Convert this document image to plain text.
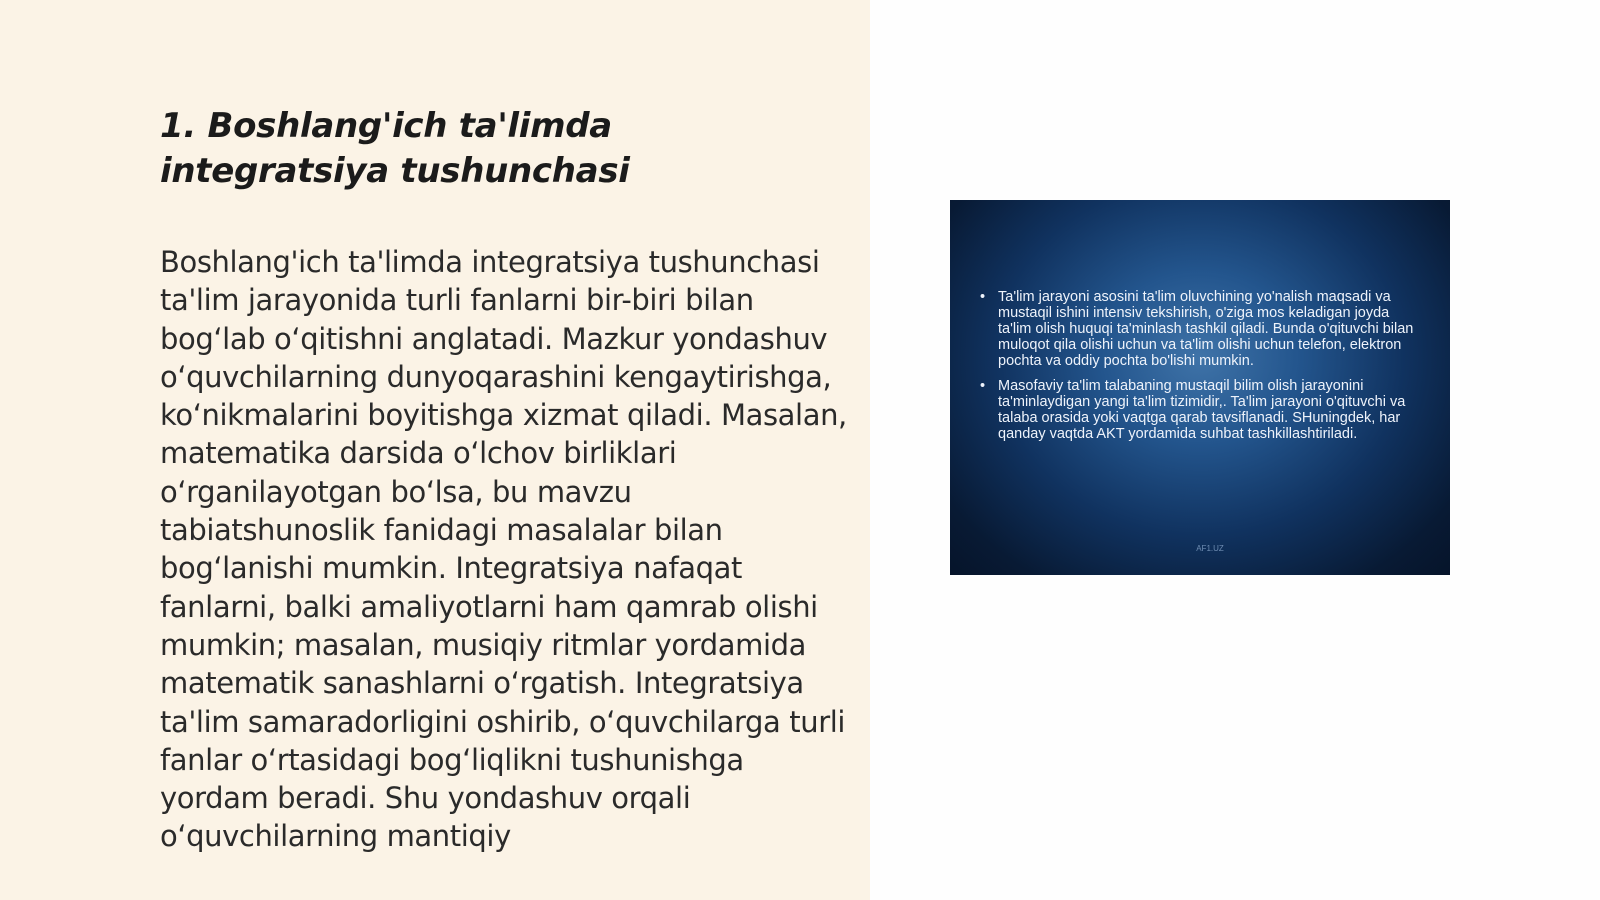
1. Boshlang'ich ta'limda integratsiya tushunchasi

Boshlang'ich ta'limda integratsiya tushunchasi ta'lim jarayonida turli fanlarni bir-biri bilan bog‘lab o‘qitishni anglatadi. Mazkur yondashuv o‘quvchilarning dunyoqarashini kengaytirishga, ko‘nikmalarini boyitishga xizmat qiladi. Masalan, matematika darsida o‘lchov birliklari o‘rganilayotgan bo‘lsa, bu mavzu tabiatshunoslik fanidagi masalalar bilan bog‘lanishi mumkin. Integratsiya nafaqat fanlarni, balki amaliyotlarni ham qamrab olishi mumkin; masalan, musiqiy ritmlar yordamida matematik sanashlarni o‘rgatish. Integratsiya ta'lim samaradorligini oshirib, o‘quvchilarga turli fanlar o‘rtasidagi bog‘liqlikni tushunishga yordam beradi. Shu yondashuv orqali o‘quvchilarning mantiqiy

• Ta'lim jarayoni asosini ta'lim oluvchining yo'nalish maqsadi va mustaqil ishini intensiv tekshirish, o'ziga mos keladigan joyda ta'lim olish huquqi ta'minlash tashkil qiladi. Bunda o'qituvchi bilan muloqot qila olishi uchun va ta'lim olishi uchun telefon, elektron pochta va oddiy pochta bo'lishi mumkin.
• Masofaviy ta'lim talabaning mustaqil bilim olish jarayonini ta'minlaydigan yangi ta'lim tizimidir,. Ta'lim jarayoni o'qituvchi va talaba orasida yoki vaqtga qarab tavsiflanadi. SHuningdek, har qanday vaqtda AKT yordamida suhbat tashkillashtiriladi.
AF1.UZ
